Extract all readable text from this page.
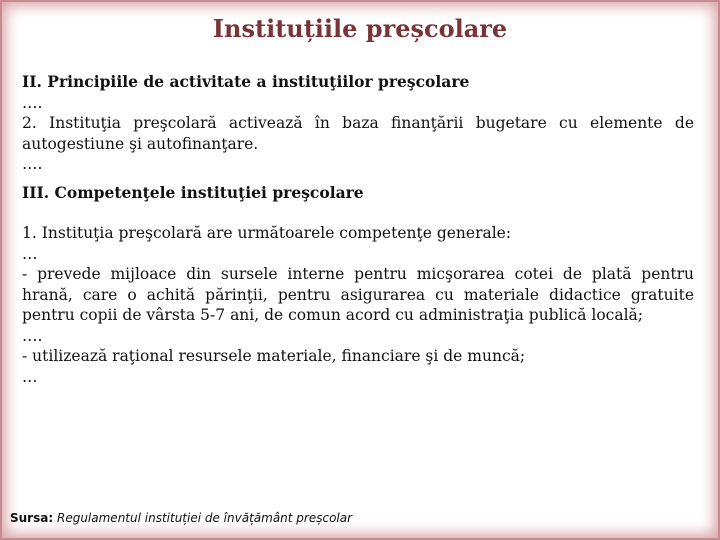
Instituțiile preșcolare
II. Principiile de activitate a instituţiilor preşcolare
….
2. Instituţia preşcolară activează în baza finanţării bugetare cu elemente de autogestiune şi autofinanţare.
….
III. Competenţele instituţiei preşcolare
1. Instituţia preşcolară are următoarele competenţe generale:
…
- prevede mijloace din sursele interne pentru micşorarea cotei de plată pentru hrană, care o achită părinţii, pentru asigurarea cu materiale didactice gratuite pentru copii de vârsta 5-7 ani, de comun acord cu administraţia publică locală;
….
- utilizează raţional resursele materiale, financiare şi de muncă;
…
Sursa: Regulamentul instituției de învățământ preșcolar
